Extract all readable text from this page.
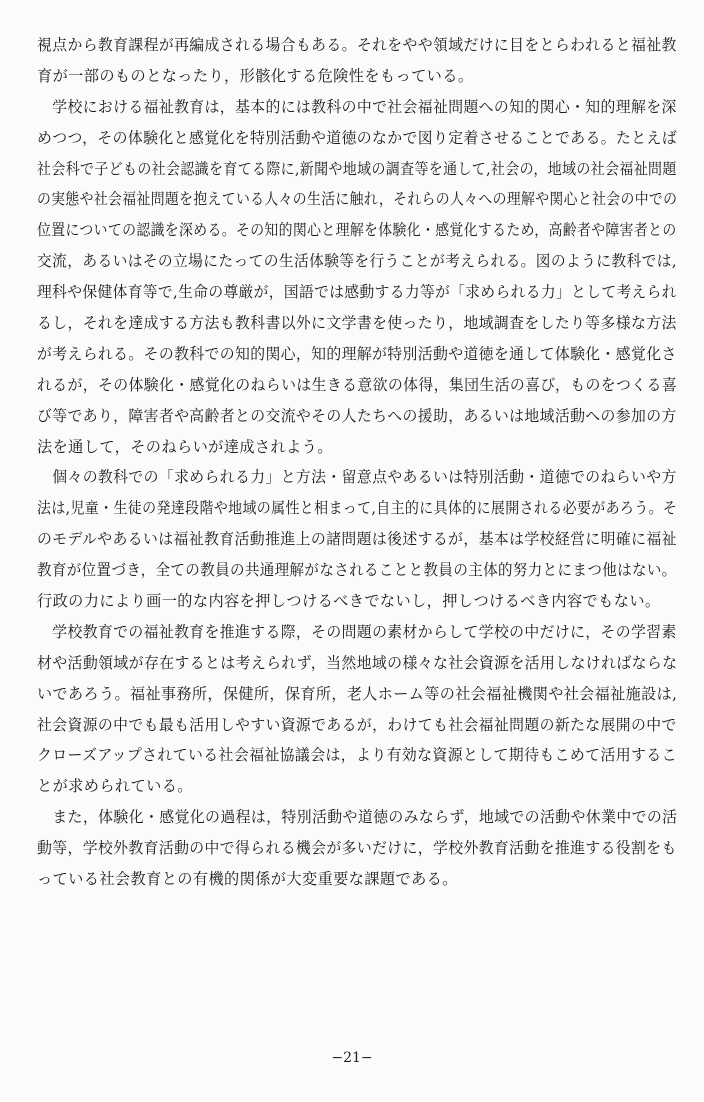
視点から教育課程が再編成される場合もある。それをやや領域だけに目をとらわれると福祉教
育が一部のものとなったり，形骸化する危険性をもっている。
　学校における福祉教育は，基本的には教科の中で社会福祉問題への知的関心・知的理解を深
めつつ，その体験化と感覚化を特別活動や道徳のなかで図り定着させることである。たとえば
社会科で子どもの社会認識を育てる際に,新聞や地域の調査等を通して,社会の，地域の社会福祉問題
の実態や社会福祉問題を抱えている人々の生活に触れ，それらの人々への理解や関心と社会の中での
位置についての認識を深める。その知的関心と理解を体験化・感覚化するため，高齢者や障害者との
交流，あるいはその立場にたっての生活体験等を行うことが考えられる。図のように教科では,
理科や保健体育等で,生命の尊厳が，国語では感動する力等が「求められる力」として考えられ
るし，それを達成する方法も教科書以外に文学書を使ったり，地域調査をしたり等多様な方法
が考えられる。その教科での知的関心，知的理解が特別活動や道徳を通して体験化・感覚化さ
れるが，その体験化・感覚化のねらいは生きる意欲の体得，集団生活の喜び，ものをつくる喜
び等であり，障害者や高齢者との交流やその人たちへの援助，あるいは地域活動への参加の方
法を通して，そのねらいが達成されよう。
　個々の教科での「求められる力」と方法・留意点やあるいは特別活動・道徳でのねらいや方
法は,児童・生徒の発達段階や地域の属性と相まって,自主的に具体的に展開される必要があろう。そ
のモデルやあるいは福祉教育活動推進上の諸問題は後述するが，基本は学校経営に明確に福祉
教育が位置づき，全ての教員の共通理解がなされることと教員の主体的努力とにまつ他はない。
行政の力により画一的な内容を押しつけるべきでないし，押しつけるべき内容でもない。
　学校教育での福祉教育を推進する際，その問題の素材からして学校の中だけに，その学習素
材や活動領域が存在するとは考えられず，当然地域の様々な社会資源を活用しなければならな
いであろう。福祉事務所，保健所，保育所，老人ホーム等の社会福祉機関や社会福祉施設は,
社会資源の中でも最も活用しやすい資源であるが，わけても社会福祉問題の新たな展開の中で
クローズアップされている社会福祉協議会は，より有効な資源として期待もこめて活用するこ
とが求められている。
　また，体験化・感覚化の過程は，特別活動や道徳のみならず，地域での活動や休業中での活
動等，学校外教育活動の中で得られる機会が多いだけに，学校外教育活動を推進する役割をも
っている社会教育との有機的関係が大変重要な課題である。
−21−
